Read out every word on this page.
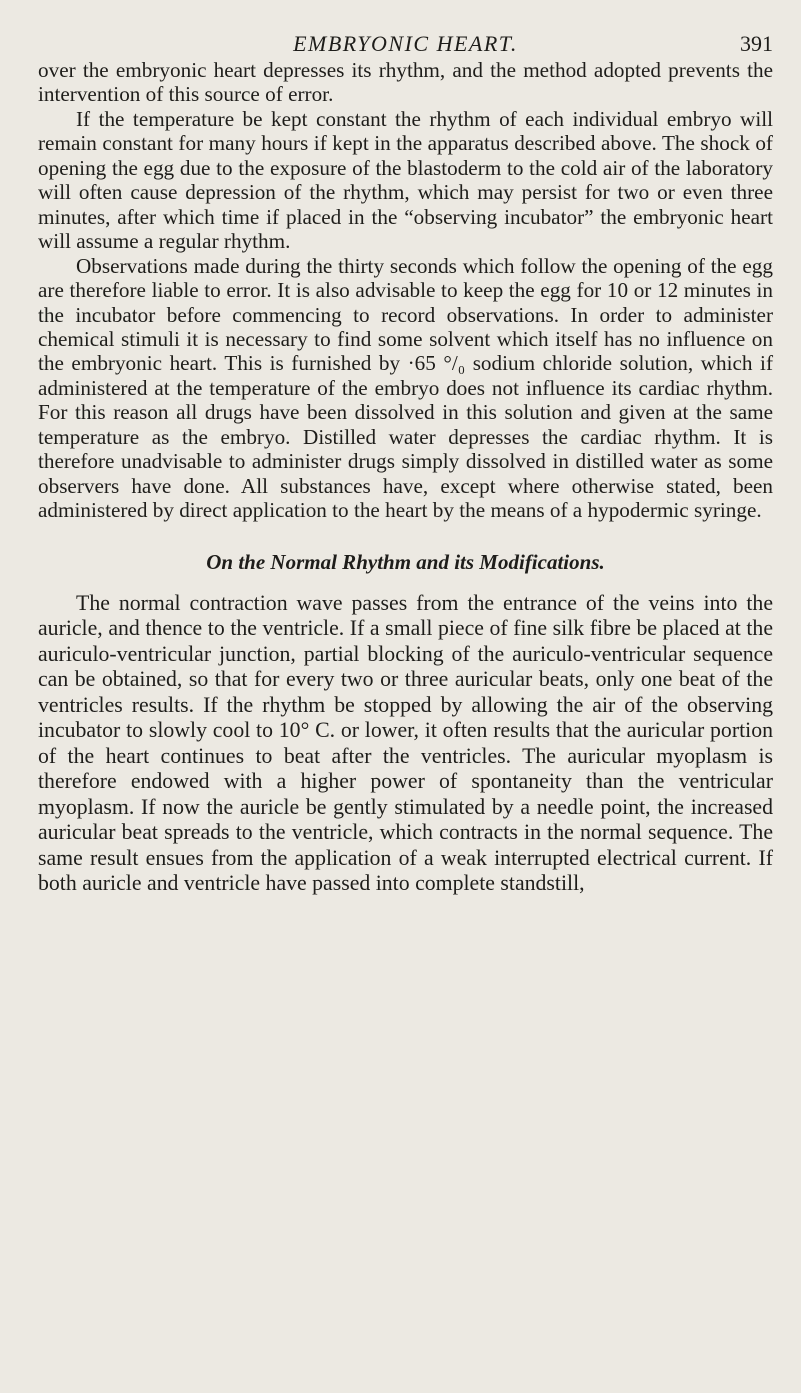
EMBRYONIC HEART.	391

over the embryonic heart depresses its rhythm, and the method adopted prevents the intervention of this source of error.

If the temperature be kept constant the rhythm of each individual embryo will remain constant for many hours if kept in the apparatus described above. The shock of opening the egg due to the exposure of the blastoderm to the cold air of the laboratory will often cause depression of the rhythm, which may persist for two or even three minutes, after which time if placed in the “observing incubator” the embryonic heart will assume a regular rhythm.

Observations made during the thirty seconds which follow the opening of the egg are therefore liable to error. It is also advisable to keep the egg for 10 or 12 minutes in the incubator before commencing to record observations. In order to administer chemical stimuli it is necessary to find some solvent which itself has no influence on the embryonic heart. This is furnished by ·65 °/₀ sodium chloride solution, which if administered at the temperature of the embryo does not influence its cardiac rhythm. For this reason all drugs have been dissolved in this solution and given at the same temperature as the embryo. Distilled water depresses the cardiac rhythm. It is therefore unadvisable to administer drugs simply dissolved in distilled water as some observers have done. All substances have, except where otherwise stated, been administered by direct application to the heart by the means of a hypodermic syringe.

On the Normal Rhythm and its Modifications.

The normal contraction wave passes from the entrance of the veins into the auricle, and thence to the ventricle. If a small piece of fine silk fibre be placed at the auriculo-ventricular junction, partial blocking of the auriculo-ventricular sequence can be obtained, so that for every two or three auricular beats, only one beat of the ventricles results. If the rhythm be stopped by allowing the air of the observing incubator to slowly cool to 10° C. or lower, it often results that the auricular portion of the heart continues to beat after the ventricles. The auricular myoplasm is therefore endowed with a higher power of spontaneity than the ventricular myoplasm. If now the auricle be gently stimulated by a needle point, the increased auricular beat spreads to the ventricle, which contracts in the normal sequence. The same result ensues from the application of a weak interrupted electrical current. If both auricle and ventricle have passed into complete standstill,
